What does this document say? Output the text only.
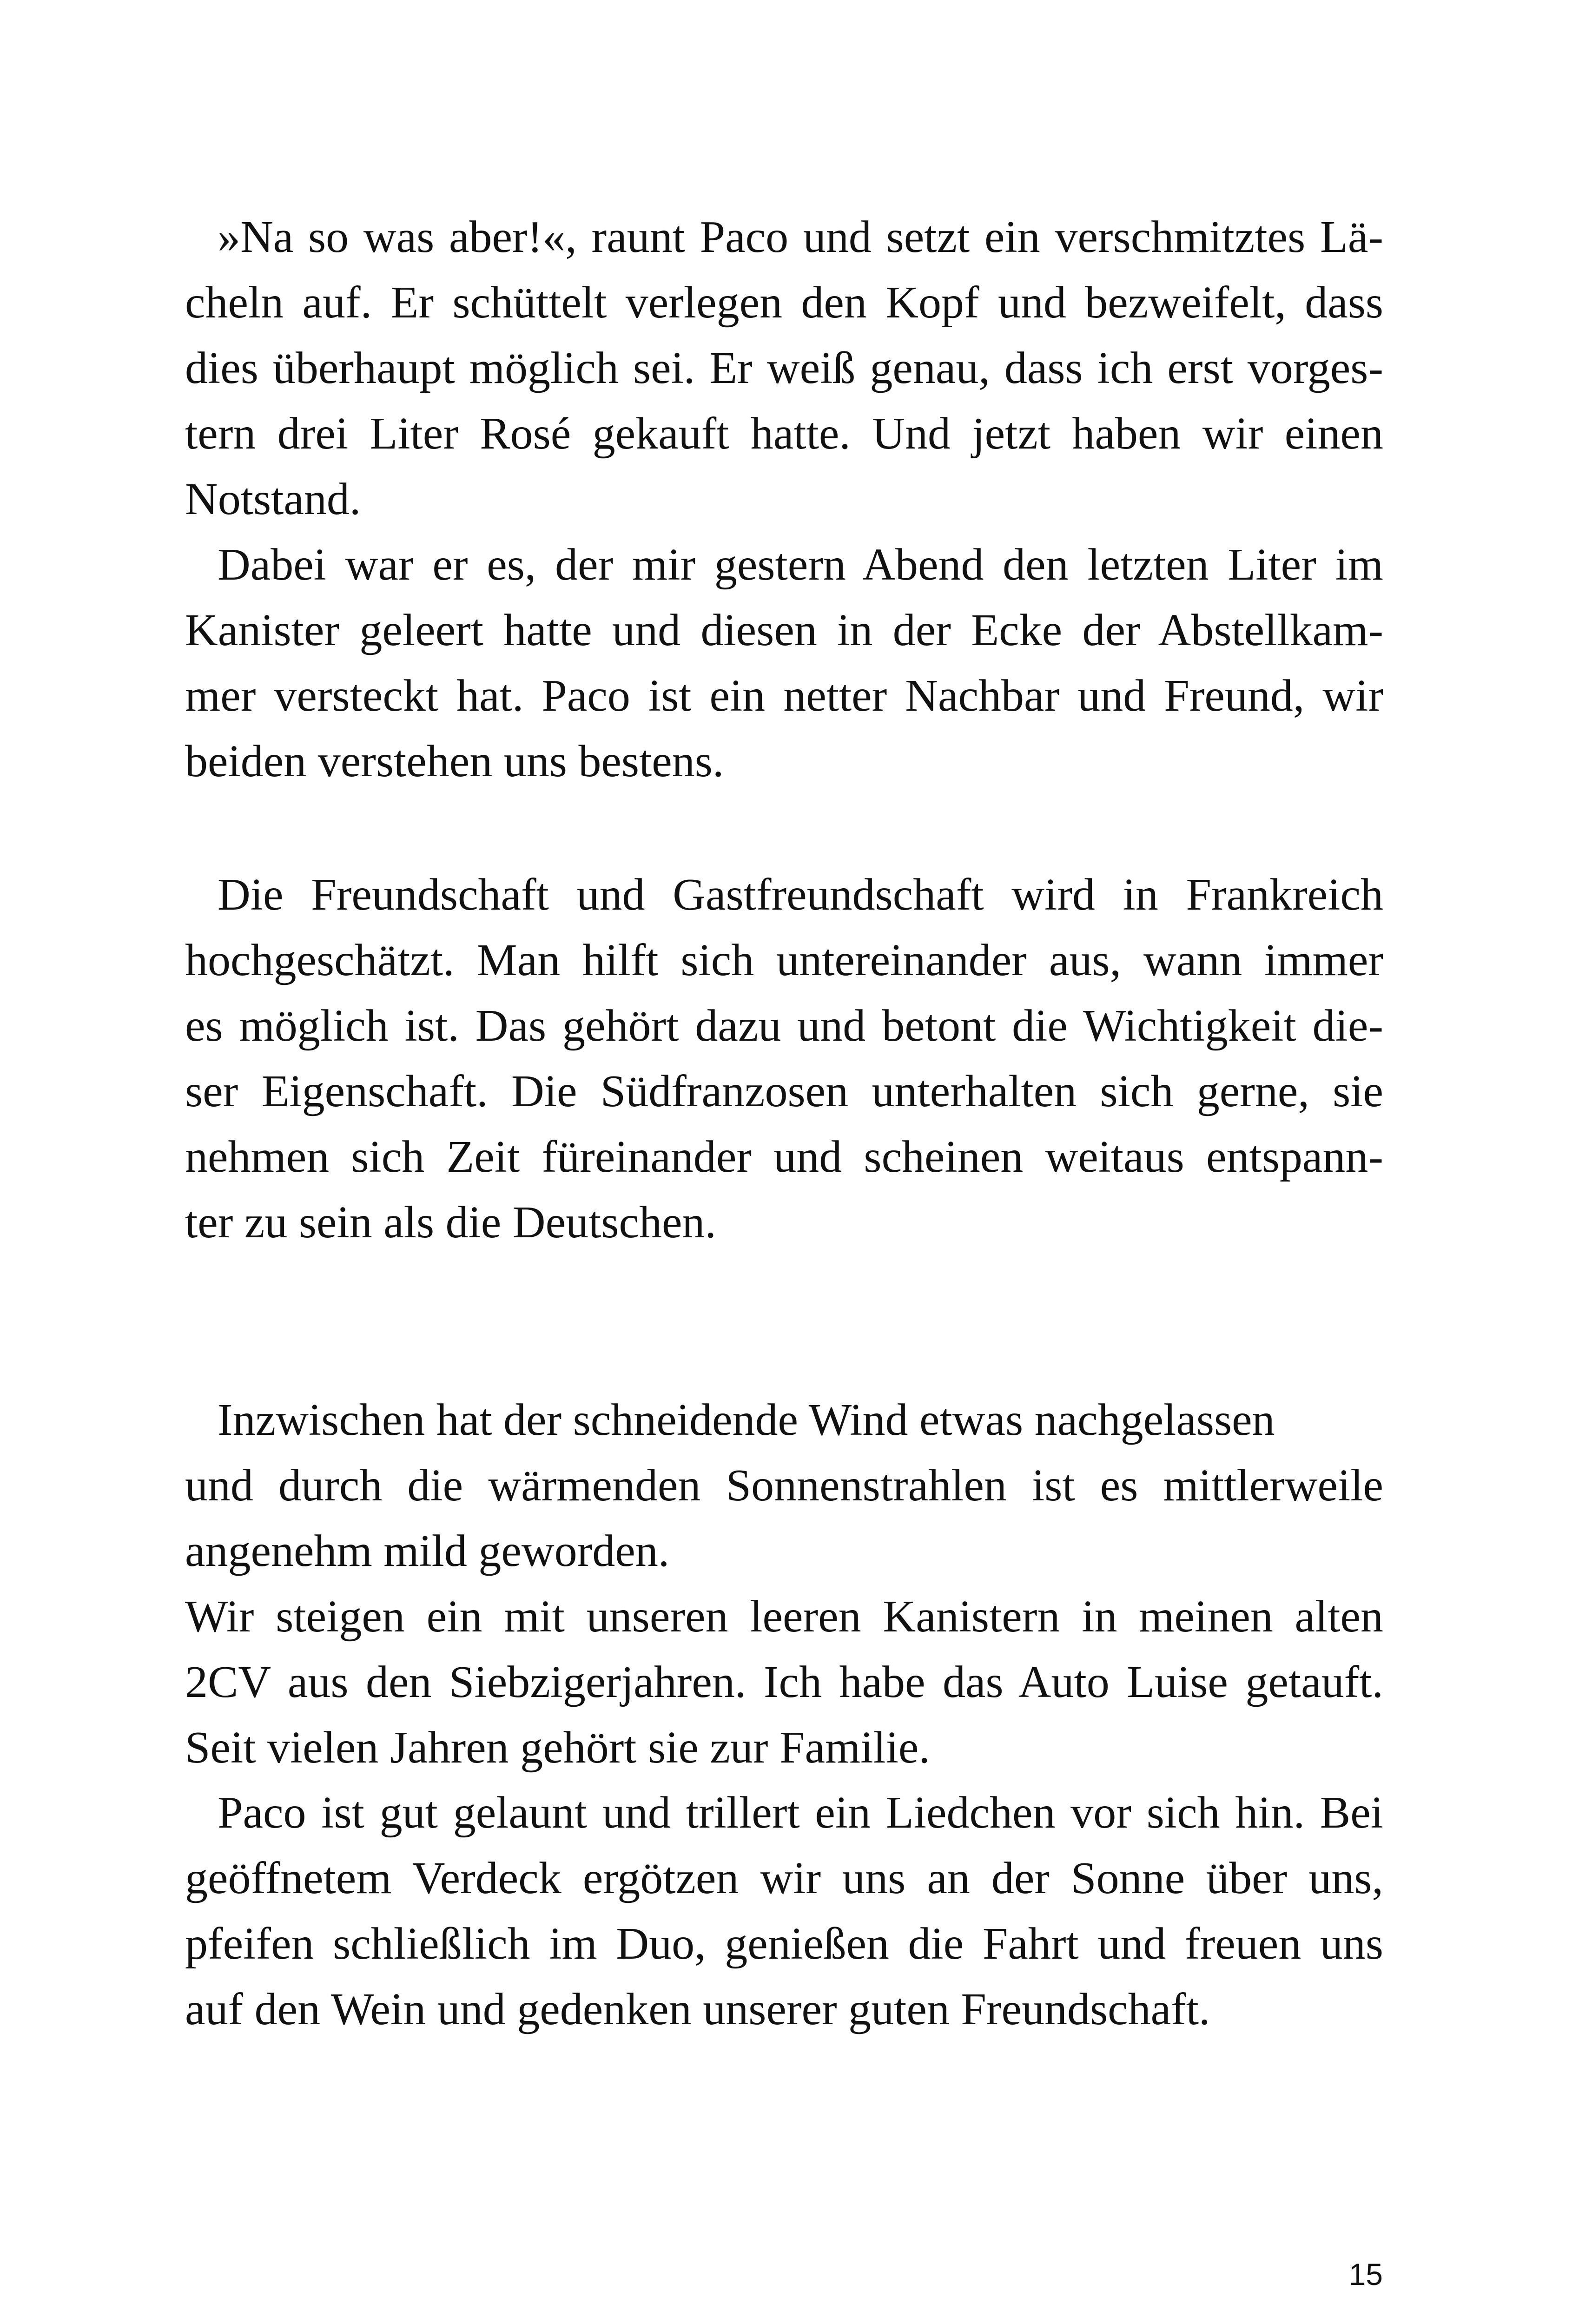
»Na so was aber!«, raunt Paco und setzt ein verschmitztes Lä-
cheln auf. Er schüttelt verlegen den Kopf und bezweifelt, dass
dies überhaupt möglich sei. Er weiß genau, dass ich erst vorges-
tern drei Liter Rosé gekauft hatte. Und jetzt haben wir einen
Notstand.
Dabei war er es, der mir gestern Abend den letzten Liter im
Kanister geleert hatte und diesen in der Ecke der Abstellkam-
mer versteckt hat. Paco ist ein netter Nachbar und Freund, wir
beiden verstehen uns bestens.
Die Freundschaft und Gastfreundschaft wird in Frankreich
hochgeschätzt. Man hilft sich untereinander aus, wann immer
es möglich ist. Das gehört dazu und betont die Wichtigkeit die-
ser Eigenschaft. Die Südfranzosen unterhalten sich gerne, sie
nehmen sich Zeit füreinander und scheinen weitaus entspann-
ter zu sein als die Deutschen.
Inzwischen hat der schneidende Wind etwas nachgelassen
und durch die wärmenden Sonnenstrahlen ist es mittlerweile
angenehm mild geworden.
Wir steigen ein mit unseren leeren Kanistern in meinen alten
2CV aus den Siebzigerjahren. Ich habe das Auto Luise getauft.
Seit vielen Jahren gehört sie zur Familie.
Paco ist gut gelaunt und trillert ein Liedchen vor sich hin. Bei
geöffnetem Verdeck ergötzen wir uns an der Sonne über uns,
pfeifen schließlich im Duo, genießen die Fahrt und freuen uns
auf den Wein und gedenken unserer guten Freundschaft.
15
